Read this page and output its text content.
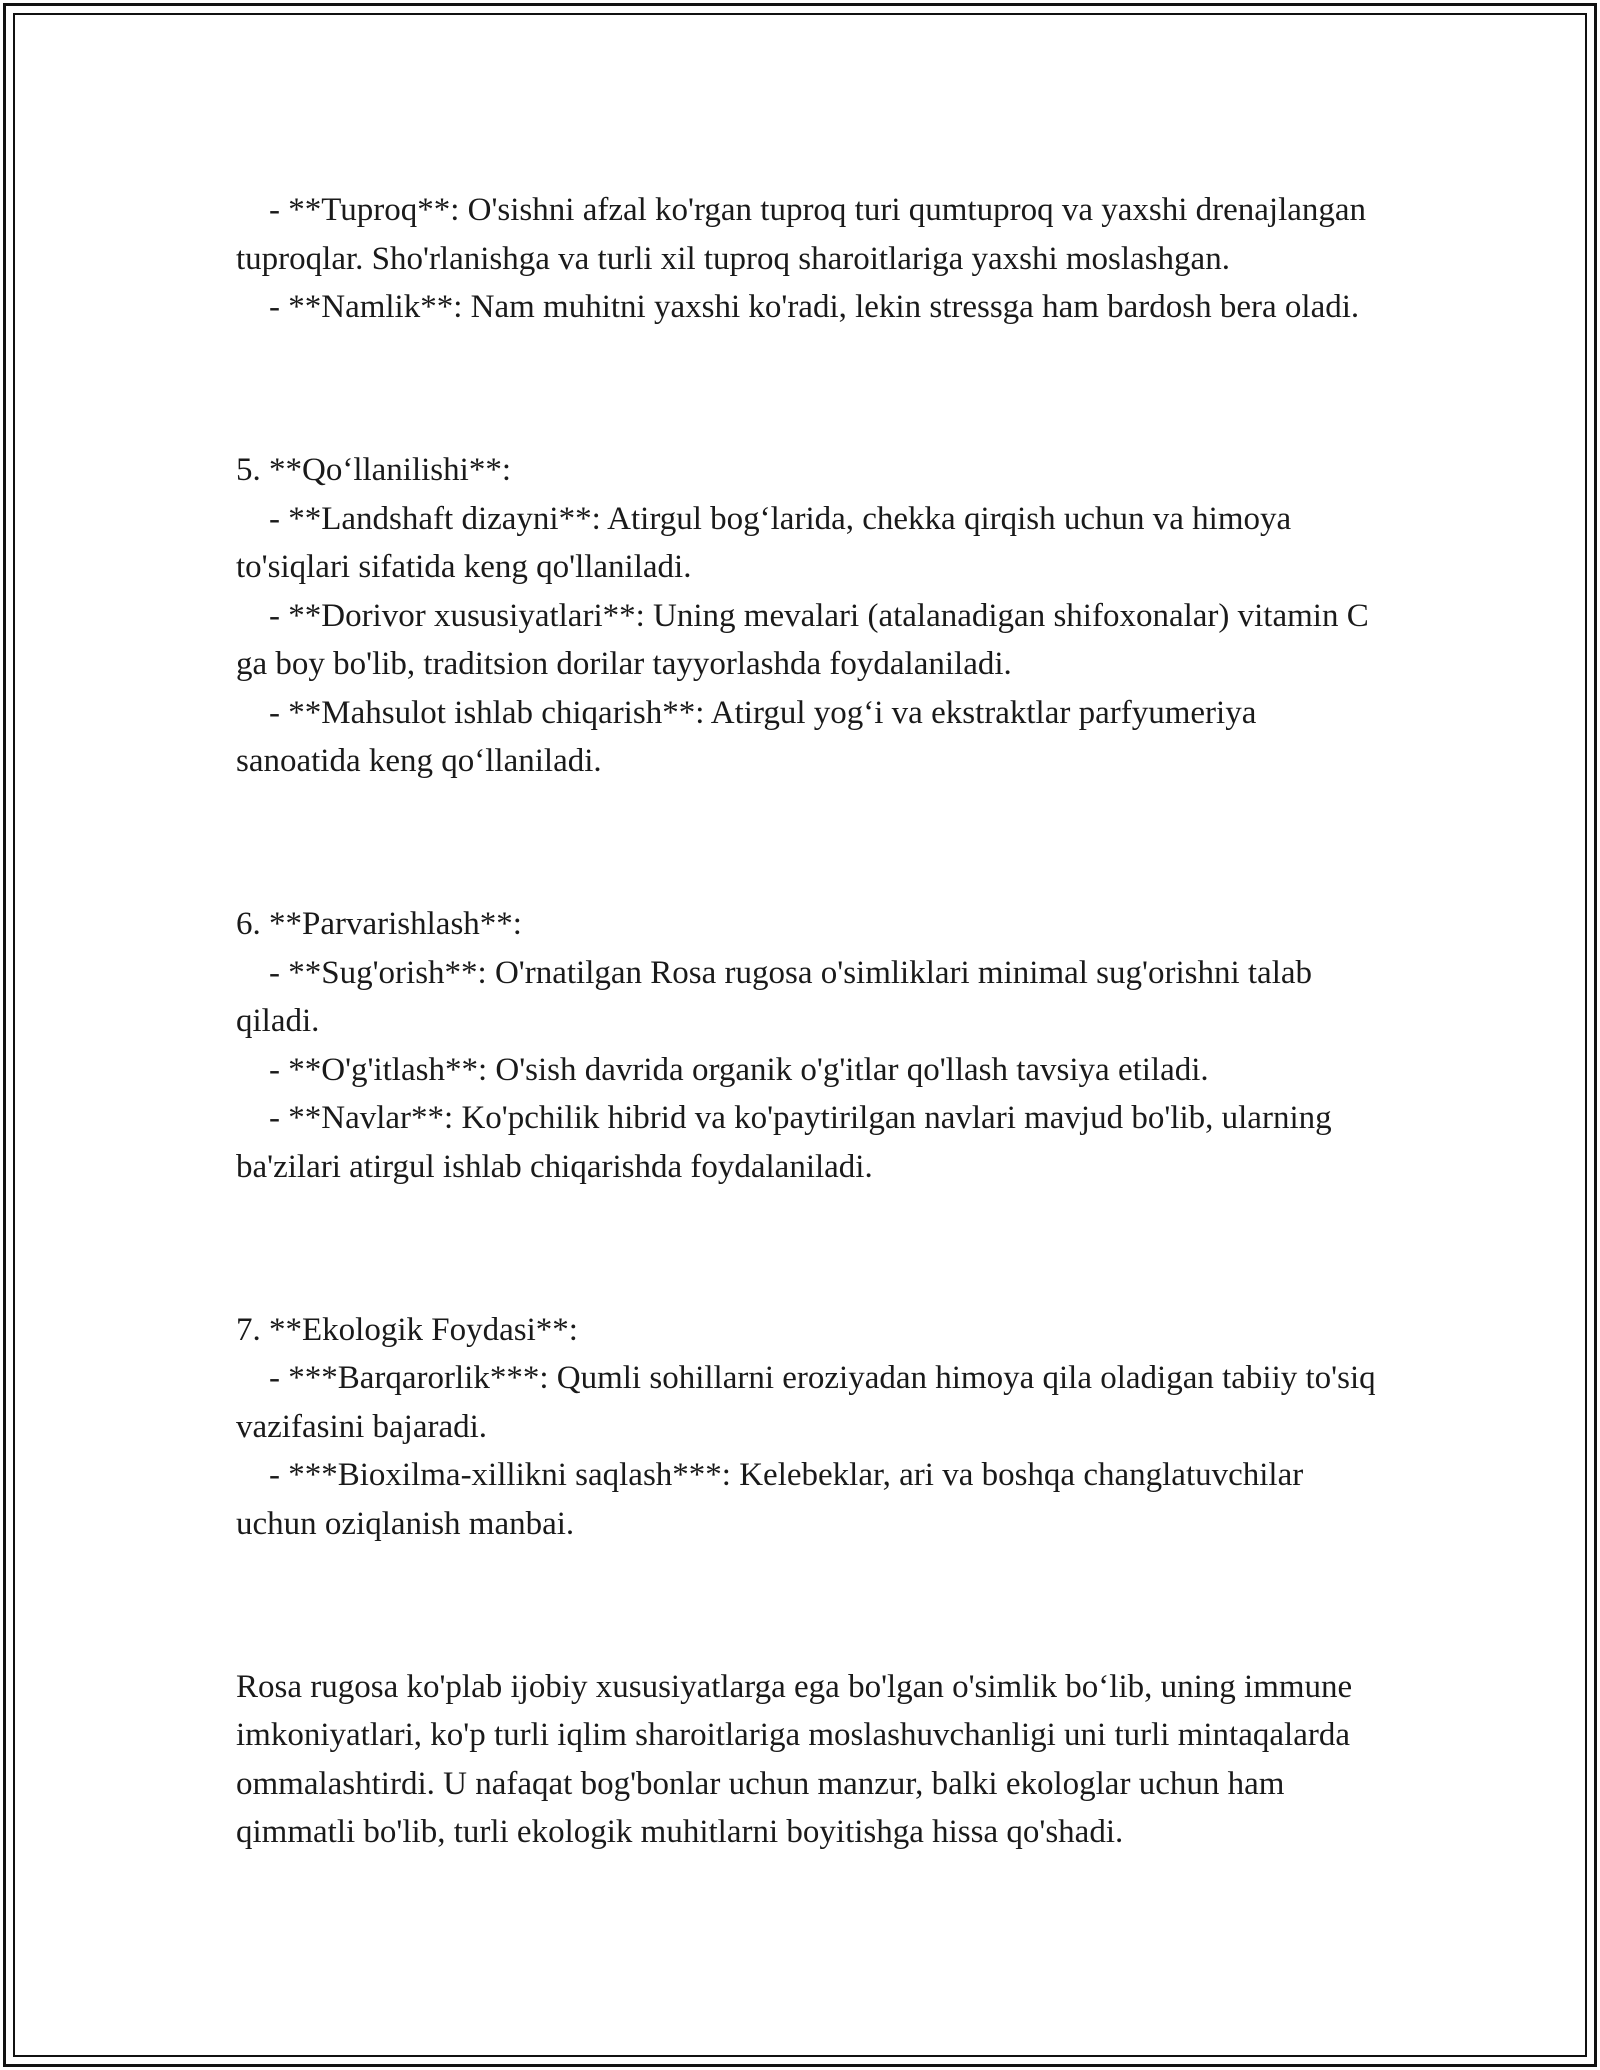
- **Tuproq**: O'sishni afzal ko'rgan tuproq turi qumtuproq va yaxshi drenajlangan tuproqlar. Sho'rlanishga va turli xil tuproq sharoitlariga yaxshi moslashgan.

- **Namlik**: Nam muhitni yaxshi ko'radi, lekin stressga ham bardosh bera oladi.

5. **Qo‘llanilishi**:

- **Landshaft dizayni**: Atirgul bog‘larida, chekka qirqish uchun va himoya to'siqlari sifatida keng qo'llaniladi.

- **Dorivor xususiyatlari**: Uning mevalari (atalanadigan shifoxonalar) vitamin C ga boy bo'lib, traditsion dorilar tayyorlashda foydalaniladi.

- **Mahsulot ishlab chiqarish**: Atirgul yog‘i va ekstraktlar parfyumeriya sanoatida keng qo‘llaniladi.

6. **Parvarishlash**:

- **Sug'orish**: O'rnatilgan Rosa rugosa o'simliklari minimal sug'orishni talab qiladi.

- **O'g'itlash**: O'sish davrida organik o'g'itlar qo'llash tavsiya etiladi.

- **Navlar**: Ko'pchilik hibrid va ko'paytirilgan navlari mavjud bo'lib, ularning ba'zilari atirgul ishlab chiqarishda foydalaniladi.

7. **Ekologik Foydasi**:

- ***Barqarorlik***: Qumli sohillarni eroziyadan himoya qila oladigan tabiiy to'siq vazifasini bajaradi.

- ***Bioxilma-xillikni saqlash***: Kelebeklar, ari va boshqa changlatuvchilar uchun oziqlanish manbai.

Rosa rugosa ko'plab ijobiy xususiyatlarga ega bo'lgan o'simlik bo‘lib, uning immune imkoniyatlari, ko'p turli iqlim sharoitlariga moslashuvchanligi uni turli mintaqalarda ommalashtirdi. U nafaqat bog'bonlar uchun manzur, balki ekologlar uchun ham qimmatli bo'lib, turli ekologik muhitlarni boyitishga hissa qo'shadi.
